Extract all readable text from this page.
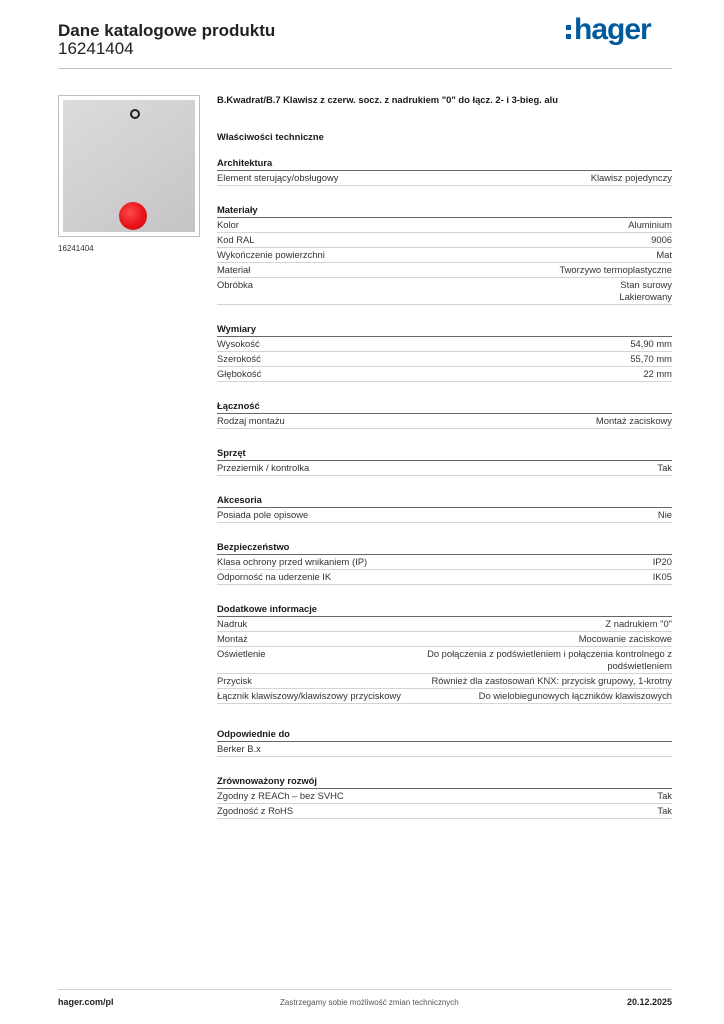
Dane katalogowe produktu
16241404
hager
16241404
B.Kwadrat/B.7 Klawisz z czerw. socz. z nadrukiem "0" do łącz. 2- i 3-bieg. alu
Właściwości techniczne
Architektura
Element sterujący/obsługowy	Klawisz pojedynczy
Materiały
Kolor	Aluminium
Kod RAL	9006
Wykończenie powierzchni	Mat
Materiał	Tworzywo termoplastyczne
Obróbka	Stan surowy
Lakierowany
Wymiary
Wysokość	54,90 mm
Szerokość	55,70 mm
Głębokość	22 mm
Łączność
Rodzaj montażu	Montaż zaciskowy
Sprzęt
Przeziernik / kontrolka	Tak
Akcesoria
Posiada pole opisowe	Nie
Bezpieczeństwo
Klasa ochrony przed wnikaniem (IP)	IP20
Odporność na uderzenie IK	IK05
Dodatkowe informacje
Nadruk	Z nadrukiem "0"
Montaż	Mocowanie zaciskowe
Oświetlenie	Do połączenia z podświetleniem i połączenia kontrolnego z podświetleniem
Przycisk	Również dla zastosowań KNX: przycisk grupowy, 1-krotny
Łącznik klawiszowy/klawiszowy przyciskowy	Do wielobiegunowych łączników klawiszowych
Odpowiednie do
Berker B.x
Zrównoważony rozwój
Zgodny z REACh – bez SVHC	Tak
Zgodność z RoHS	Tak
hager.com/pl	Zastrzegamy sobie możliwość zmian technicznych	20.12.2025
